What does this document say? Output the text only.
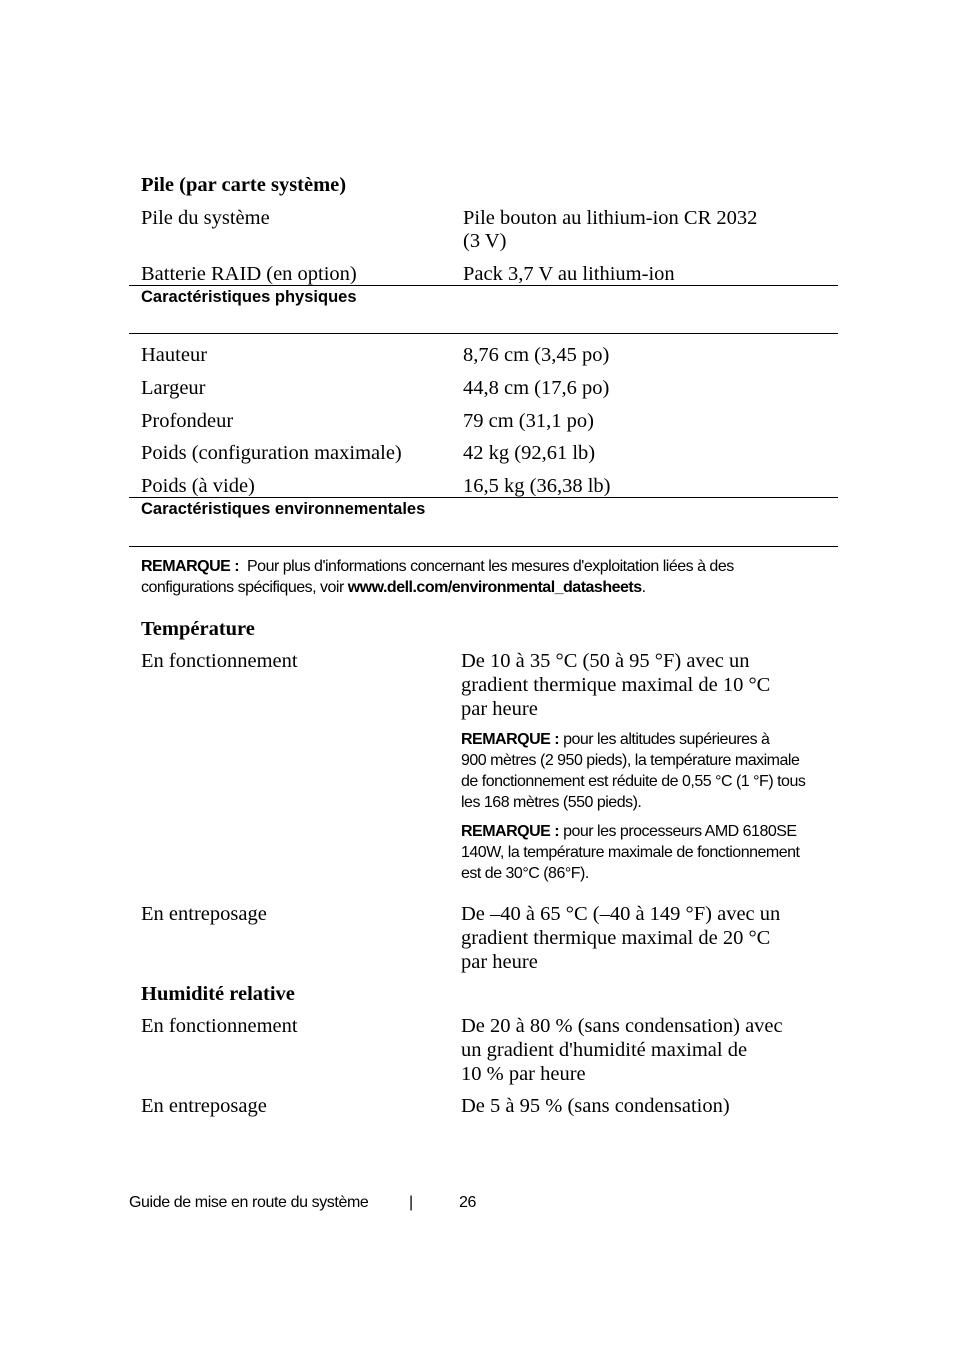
Pile (par carte système)
Pile du système	Pile bouton au lithium-ion CR 2032
(3 V)
Batterie RAID (en option)	Pack 3,7 V au lithium-ion
Caractéristiques physiques
Hauteur	8,76 cm (3,45 po)
Largeur	44,8 cm (17,6 po)
Profondeur	79 cm (31,1 po)
Poids (configuration maximale)	42 kg (92,61 lb)
Poids (à vide)	16,5 kg (36,38 lb)
Caractéristiques environnementales
REMARQUE : Pour plus d'informations concernant les mesures d'exploitation liées à des
configurations spécifiques, voir www.dell.com/environmental_datasheets.
Température
En fonctionnement	De 10 à 35 °C (50 à 95 °F) avec un
gradient thermique maximal de 10 °C
par heure
REMARQUE : pour les altitudes supérieures à
900 mètres (2 950 pieds), la température maximale
de fonctionnement est réduite de 0,55 °C (1 °F) tous
les 168 mètres (550 pieds).
REMARQUE : pour les processeurs AMD 6180SE
140W, la température maximale de fonctionnement
est de 30°C (86°F).
En entreposage	De –40 à 65 °C (–40 à 149 °F) avec un
gradient thermique maximal de 20 °C
par heure
Humidité relative
En fonctionnement	De 20 à 80 % (sans condensation) avec
un gradient d'humidité maximal de
10 % par heure
En entreposage	De 5 à 95 % (sans condensation)
Guide de mise en route du système	|	26
